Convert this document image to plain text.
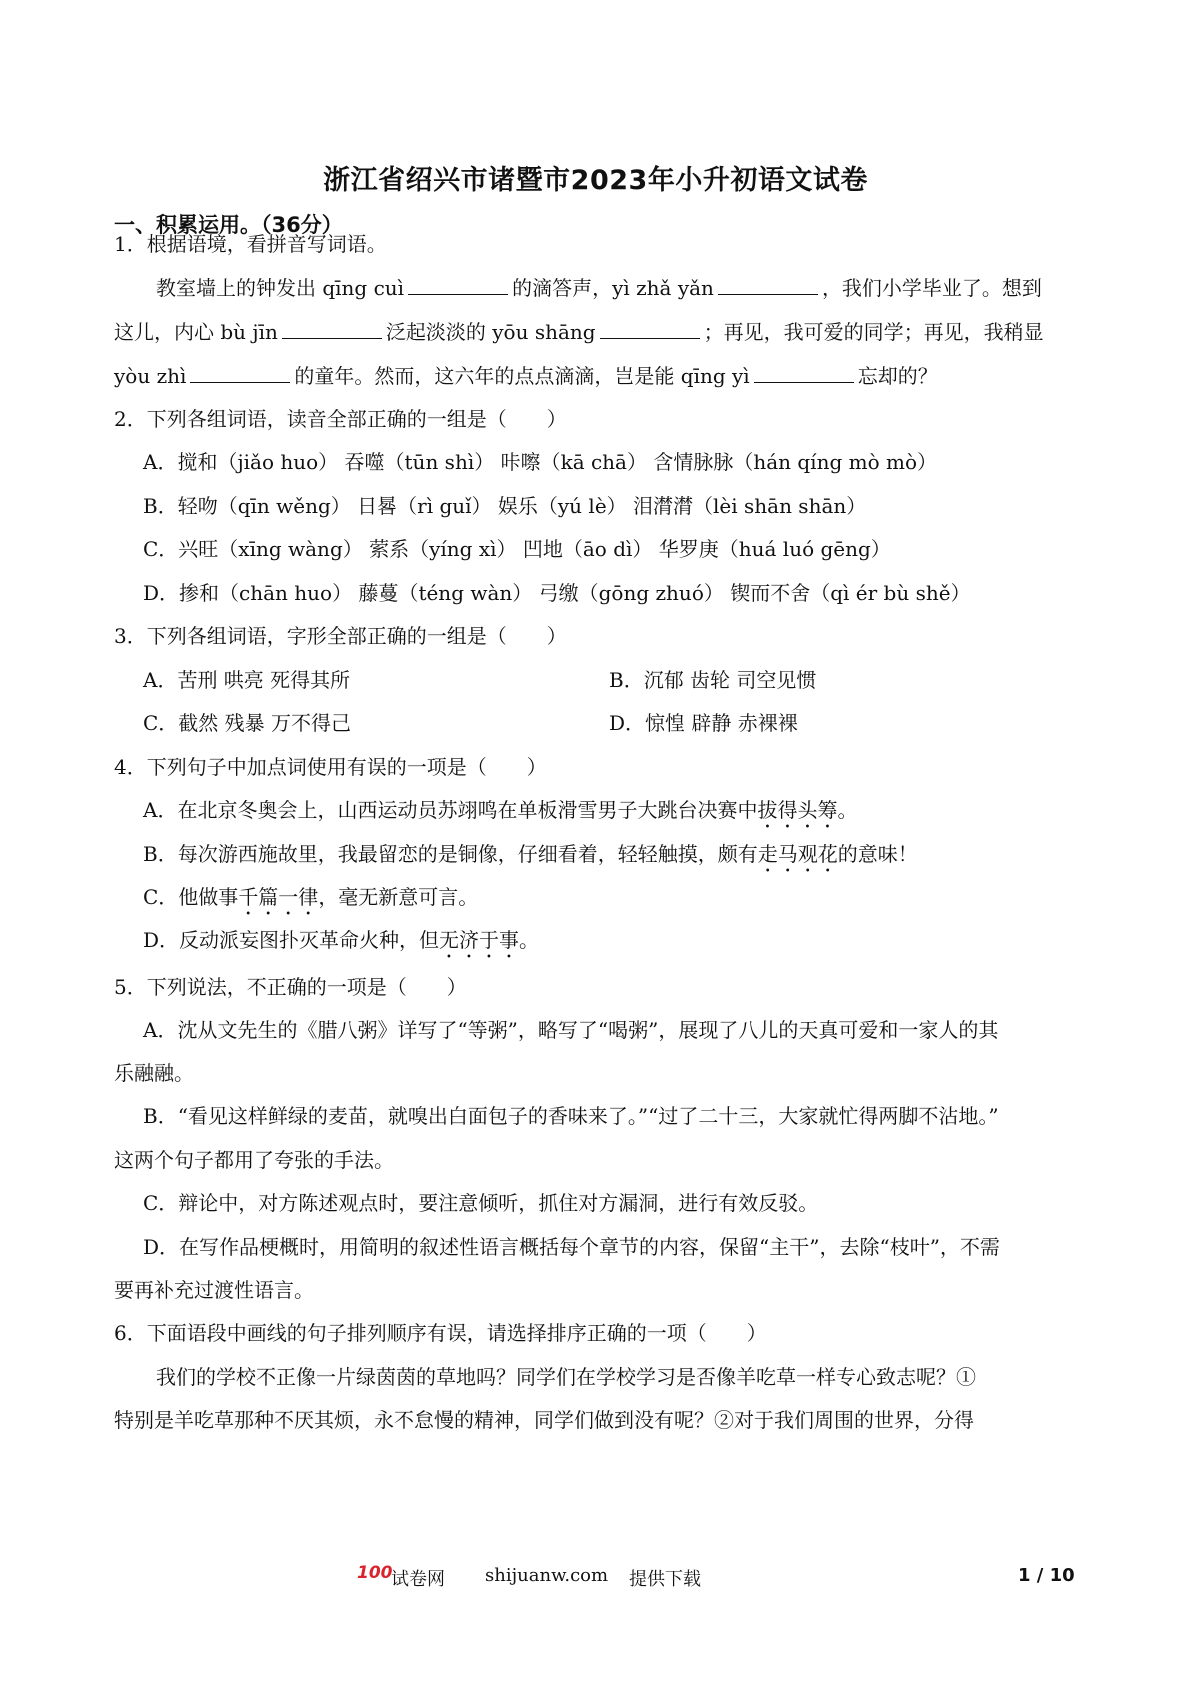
浙江省绍兴市诸暨市2023年小升初语文试卷
一、积累运用。（36分）
1．根据语境，看拼音写词语。
教室墙上的钟发出 qīng cuì	的滴答声，yì zhǎ yǎn	，我们小学毕业了。想到
这儿，内心 bù jīn	泛起淡淡的 yōu shāng	；再见，我可爱的同学；再见，我稍显
yòu zhì	的童年。然而，这六年的点点滴滴，岂是能 qīng yì	忘却的？
2．下列各组词语，读音全部正确的一组是（　　）
A．搅和（jiǎo huo） 吞噬（tūn shì） 咔嚓（kā chā） 含情脉脉（hán qíng mò mò）
B．轻吻（qīn wěng） 日晷（rì guǐ） 娱乐（yú lè） 泪潸潸（lèi shān shān）
C．兴旺（xīng wàng） 萦系（yíng xì） 凹地（āo dì） 华罗庚（huá luó gēng）
D．掺和（chān huo） 藤蔓（téng wàn） 弓缴（gōng zhuó） 锲而不舍（qì ér bù shě）
3．下列各组词语，字形全部正确的一组是（　　）
A．苦刑 哄亮 死得其所	B．沉郁 齿轮 司空见惯
C．截然 残暴 万不得己	D．惊惶 辟静 赤裸裸
4．下列句子中加点词使用有误的一项是（　　）
A．在北京冬奥会上，山西运动员苏翊鸣在单板滑雪男子大跳台决赛中拔得头筹。
B．每次游西施故里，我最留恋的是铜像，仔细看着，轻轻触摸，颇有走马观花的意味！
C．他做事千篇一律，毫无新意可言。
D．反动派妄图扑灭革命火种，但无济于事。
5．下列说法，不正确的一项是（　　）
A．沈从文先生的《腊八粥》详写了“等粥”，略写了“喝粥”，展现了八儿的天真可爱和一家人的其
乐融融。
B．“看见这样鲜绿的麦苗，就嗅出白面包子的香味来了。”“过了二十三，大家就忙得两脚不沾地。”
这两个句子都用了夸张的手法。
C．辩论中，对方陈述观点时，要注意倾听，抓住对方漏洞，进行有效反驳。
D．在写作品梗概时，用简明的叙述性语言概括每个章节的内容，保留“主干”，去除“枝叶”，不需
要再补充过渡性语言。
6．下面语段中画线的句子排列顺序有误，请选择排序正确的一项（　　）
我们的学校不正像一片绿茵茵的草地吗？同学们在学校学习是否像羊吃草一样专心致志呢？①
特别是羊吃草那种不厌其烦，永不怠慢的精神，同学们做到没有呢？②对于我们周围的世界，分得
100
试卷网 shijuanw.com 提供下载	1 / 10
